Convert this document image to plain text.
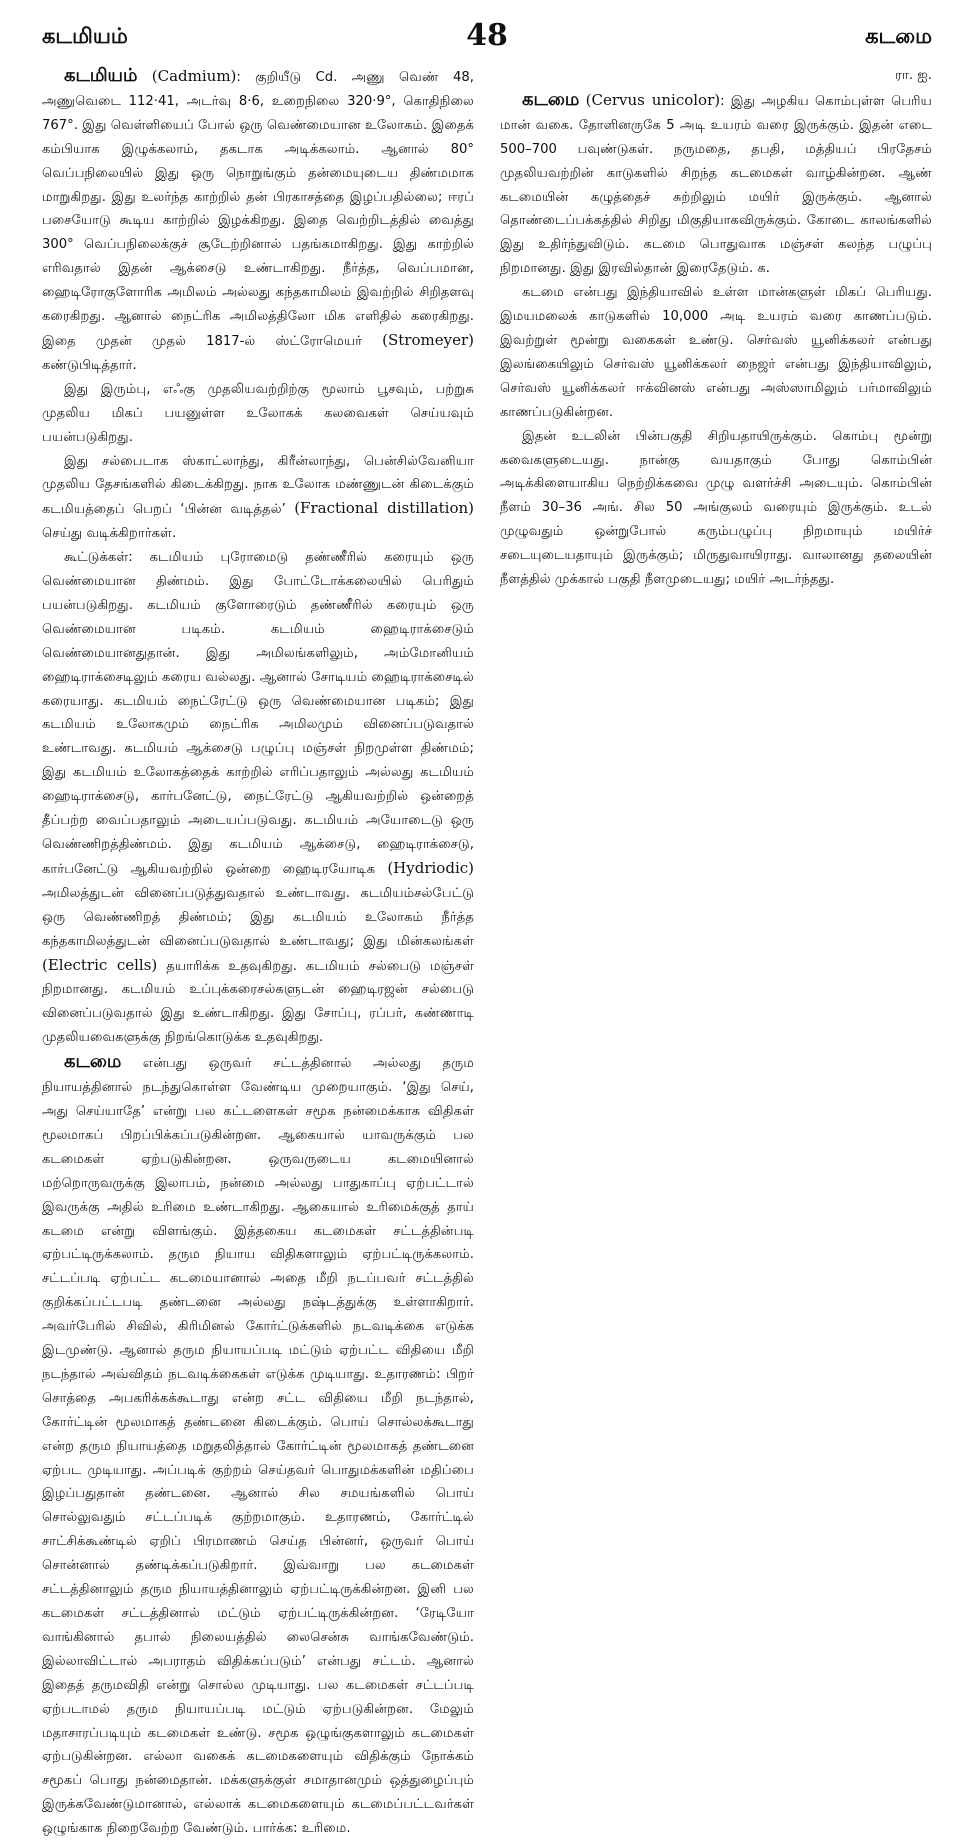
கடமியம்	48	கடமை

கடமியம் (Cadmium): குறியீடு Cd. அணு வெண் 48, அணுவெடை 112·41, அடர்வு 8·6, உறைநிலை 320·9°, கொதிநிலை 767°. இது வெள்ளியைப் போல் ஒரு வெண்மையான உலோகம். இதைக் கம்பியாக இழுக்கலாம், தகடாக அடிக்கலாம். ஆனால் 80° வெப்பநிலையில் இது ஒரு நொறுங்கும் தன்மையுடைய திண்மமாக மாறுகிறது. இது உலர்ந்த காற்றில் தன் பிரகாசத்தை இழப்பதில்லை; ஈரப் பசையோடு கூடிய காற்றில் இழக்கிறது. இதை வெற்றிடத்தில் வைத்து 300° வெப்பநிலைக்குச் சூடேற்றினால் பதங்கமாகிறது. இது காற்றில் எரிவதால் இதன் ஆக்சைடு உண்டாகிறது. நீர்த்த, வெப்பமான, ஹைடிரோகுளோரிக அமிலம் அல்லது கந்தகாமிலம் இவற்றில் சிறிதளவு கரைகிறது. ஆனால் நைட்ரிக அமிலத்திலோ மிக எளிதில் கரைகிறது. இதை முதன் முதல் 1817-ல் ஸ்ட்ரோமெயர் (Stromeyer) கண்டுபிடித்தார்.

இது இரும்பு, எஃகு முதலியவற்றிற்கு மூலாம் பூசவும், பற்றுசு முதலிய மிகப் பயனுள்ள உலோகக் கலவைகள் செய்யவும் பயன்படுகிறது.

இது சல்பைடாக ஸ்காட்லாந்து, கிரீன்லாந்து, பென்சில்வேனியா முதலிய தேசங்களில் கிடைக்கிறது. நாக உலோக மண்ணுடன் கிடைக்கும் கடமியத்தைப் பெறப் ‘பின்ன வடித்தல்’ (Fractional distillation) செய்து வடிக்கிறார்கள்.

கூட்டுக்கள்: கடமியம் புரோமைடு தண்ணீரில் கரையும் ஒரு வெண்மையான திண்மம். இது போட்டோக்கலையில் பெரிதும் பயன்படுகிறது. கடமியம் குளோரைடும் தண்ணீரில் கரையும் ஒரு வெண்மையான படிகம். கடமியம் ஹைடிராக்சைடும் வெண்மையானதுதான். இது அமிலங்களிலும், அம்மோனியம் ஹைடிராக்சைடிலும் கரைய வல்லது. ஆனால் சோடியம் ஹைடிராக்சைடில் கரையாது. கடமியம் நைட்ரேட்டு ஒரு வெண்மையான படிகம்; இது கடமியம் உலோகமும் நைட்ரிக அமிலமும் வினைப்படுவதால் உண்டாவது. கடமியம் ஆக்சைடு பழுப்பு மஞ்சள் நிறமுள்ள திண்மம்; இது கடமியம் உலோகத்தைக் காற்றில் எரிப்பதாலும் அல்லது கடமியம் ஹைடிராக்சைடு, கார்பனேட்டு, நைட்ரேட்டு ஆகியவற்றில் ஒன்றைத் தீப்பற்ற வைப்பதாலும் அடையப்படுவது. கடமியம் அயோடைடு ஒரு வெண்ணிறத்திண்மம். இது கடமியம் ஆக்சைடு, ஹைடிராக்சைடு, கார்பனேட்டு ஆகியவற்றில் ஒன்றை ஹைடிரயோடிக (Hydriodic) அமிலத்துடன் வினைப்படுத்துவதால் உண்டாவது. கடமியம்சல்பேட்டு ஒரு வெண்ணிறத் திண்மம்; இது கடமியம் உலோகம் நீர்த்த கந்தகாமிலத்துடன் வினைப்படுவதால் உண்டாவது; இது மின்கலங்கள் (Electric cells) தயாரிக்க உதவுகிறது. கடமியம் சல்பைடு மஞ்சள் நிறமானது. கடமியம் உப்புக்கரைசல்களுடன் ஹைடிரஜன் சல்பைடு வினைப்படுவதால் இது உண்டாகிறது. இது சோப்பு, ரப்பர், கண்ணாடி முதலியவைகளுக்கு நிறங்கொடுக்க உதவுகிறது.

கடமை என்பது ஒருவர் சட்டத்தினால் அல்லது தரும நியாயத்தினால் நடந்துகொள்ள வேண்டிய முறையாகும். ‘இது செய், அது செய்யாதே’ என்று பல கட்டளைகள் சமூக நன்மைக்காக விதிகள் மூலமாகப் பிறப்பிக்கப்படுகின்றன. ஆகையால் யாவருக்கும் பல கடமைகள் ஏற்படுகின்றன. ஒருவருடைய கடமையினால் மற்றொருவருக்கு இலாபம், நன்மை அல்லது பாதுகாப்பு ஏற்பட்டால் இவருக்கு அதில் உரிமை உண்டாகிறது. ஆகையால் உரிமைக்குத் தாய் கடமை என்று விளங்கும். இத்தகைய கடமைகள் சட்டத்தின்படி ஏற்பட்டிருக்கலாம். தரும நியாய விதிகளாலும் ஏற்பட்டிருக்கலாம். சட்டப்படி ஏற்பட்ட கடமையானால் அதை மீறி நடப்பவர் சட்டத்தில் குறிக்கப்பட்டபடி தண்டனை அல்லது நஷ்டத்துக்கு உள்ளாகிறார். அவர்பேரில் சிவில், கிரிமினல் கோர்ட்டுக்களில் நடவடிக்கை எடுக்க இடமுண்டு. ஆனால் தரும நியாயப்படி மட்டும் ஏற்பட்ட விதியை மீறி நடந்தால் அவ்விதம் நடவடிக்கைகள் எடுக்க முடியாது. உதாரணம்: பிறர் சொத்தை அபகரிக்கக்கூடாது என்ற சட்ட விதியை மீறி நடந்தால், கோர்ட்டின் மூலமாகத் தண்டனை கிடைக்கும். பொய் சொல்லக்கூடாது என்ற தரும நியாயத்தை மறுதலித்தால் கோர்ட்டின் மூலமாகத் தண்டனை ஏற்பட முடியாது. அப்படிக் குற்றம் செய்தவர் பொதுமக்களின் மதிப்பை இழப்பதுதான் தண்டனை. ஆனால் சில சமயங்களில் பொய் சொல்லுவதும் சட்டப்படிக் குற்றமாகும். உதாரணம், கோர்ட்டில் சாட்சிக்கூண்டில் ஏறிப் பிரமாணம் செய்த பின்னர், ஒருவர் பொய் சொன்னால் தண்டிக்கப்படுகிறார். இவ்வாறு பல கடமைகள் சட்டத்தினாலும் தரும நியாயத்தினாலும் ஏற்பட்டிருக்கின்றன. இனி பல கடமைகள் சட்டத்தினால் மட்டும் ஏற்பட்டிருக்கின்றன. ‘ரேடியோ வாங்கினால் தபால் நிலையத்தில் லைசென்சு வாங்கவேண்டும். இல்லாவிட்டால் அபராதம் விதிக்கப்படும்’ என்பது சட்டம். ஆனால் இதைத் தருமவிதி என்று சொல்ல முடியாது. பல கடமைகள் சட்டப்படி ஏற்படாமல் தரும நியாயப்படி மட்டும் ஏற்படுகின்றன. மேலும் மதாசாரப்படியும் கடமைகள் உண்டு. சமூக ஒழுங்குகளாலும் கடமைகள் ஏற்படுகின்றன. எல்லா வகைக் கடமைகளையும் விதிக்கும் நோக்கம் சமூகப் பொது நன்மைதான். மக்களுக்குள் சமாதானமும் ஒத்துழைப்பும் இருக்கவேண்டுமானால், எல்லாக் கடமைகளையும் கடமைப்பட்டவர்கள் ஒழுங்காக நிறைவேற்ற வேண்டும். பார்க்க: உரிமை.

ரா. ஐ.

கடமை (Cervus unicolor): இது அழகிய கொம்புள்ள பெரிய மான் வகை. தோளினருகே 5 அடி உயரம் வரை இருக்கும். இதன் எடை 500–700 பவுண்டுகள். நருமதை, தபதி, மத்தியப் பிரதேசம் முதலியவற்றின் காடுகளில் சிறந்த கடமைகள் வாழ்கின்றன. ஆண் கடமையின் கழுத்தைச் சுற்றிலும் மயிர் இருக்கும். ஆனால் தொண்டைப்பக்கத்தில் சிறிது மிகுதியாகவிருக்கும். கோடை காலங்களில் இது உதிர்ந்துவிடும். கடமை பொதுவாக மஞ்சள் கலந்த பழுப்பு நிறமானது. இது இரவில்தான் இரைதேடும். க.

கடமை என்பது இந்தியாவில் உள்ள மான்களுள் மிகப் பெரியது. இமயமலைக் காடுகளில் 10,000 அடி உயரம் வரை காணப்படும். இவற்றுள் மூன்று வகைகள் உண்டு. செர்வஸ் யூனிக்கலர் என்பது இலங்கையிலும் செர்வஸ் யூனிக்கலர் நைஜர் என்பது இந்தியாவிலும், செர்வஸ் யூனிக்கலர் ஈக்வினஸ் என்பது அஸ்ஸாமிலும் பர்மாவிலும் காணப்படுகின்றன.

இதன் உடலின் பின்பகுதி சிறியதாயிருக்கும். கொம்பு மூன்று கவைகளுடையது. நான்கு வயதாகும் போது கொம்பின் அடிக்கிளையாகிய நெற்றிக்கவை முழு வளர்ச்சி அடையும். கொம்பின் நீளம் 30–36 அங். சில 50 அங்குலம் வரையும் இருக்கும். உடல் முழுவதும் ஒன்றுபோல் கரும்பழுப்பு நிறமாயும் மயிர்ச் சடையுடையதாயும் இருக்கும்; மிருதுவாயிராது. வாலானது தலையின் நீளத்தில் முக்கால் பகுதி நீளமுடையது; மயிர் அடர்ந்தது.
